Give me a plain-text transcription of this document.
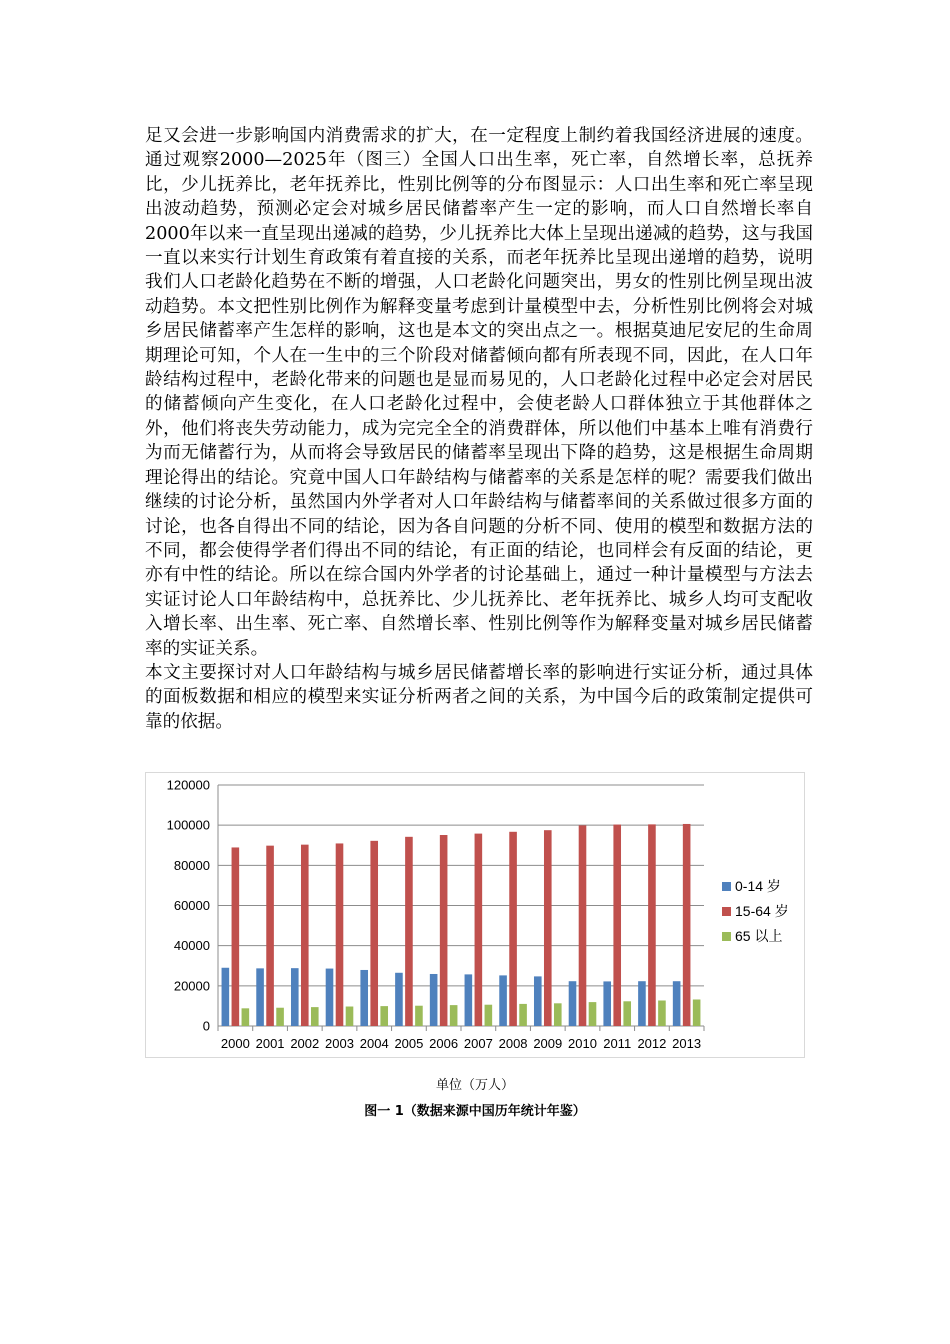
足又会进一步影响国内消费需求的扩大，在一定程度上制约着我国经济进展的速度。通过观察2000—2025年（图三）全国人口出生率，死亡率，自然增长率，总抚养比，少儿抚养比，老年抚养比，性别比例等的分布图显示：人口出生率和死亡率呈现出波动趋势，预测必定会对城乡居民储蓄率产生一定的影响，而人口自然增长率自2000年以来一直呈现出递减的趋势，少儿抚养比大体上呈现出递减的趋势，这与我国一直以来实行计划生育政策有着直接的关系，而老年抚养比呈现出递增的趋势，说明我们人口老龄化趋势在不断的增强，人口老龄化问题突出，男女的性别比例呈现出波动趋势。本文把性别比例作为解释变量考虑到计量模型中去，分析性别比例将会对城乡居民储蓄率产生怎样的影响，这也是本文的突出点之一。根据莫迪尼安尼的生命周期理论可知，个人在一生中的三个阶段对储蓄倾向都有所表现不同，因此，在人口年龄结构过程中，老龄化带来的问题也是显而易见的，人口老龄化过程中必定会对居民的储蓄倾向产生变化，在人口老龄化过程中，会使老龄人口群体独立于其他群体之外，他们将丧失劳动能力，成为完完全全的消费群体，所以他们中基本上唯有消费行为而无储蓄行为，从而将会导致居民的储蓄率呈现出下降的趋势，这是根据生命周期理论得出的结论。究竟中国人口年龄结构与储蓄率的关系是怎样的呢？需要我们做出继续的讨论分析，虽然国内外学者对人口年龄结构与储蓄率间的关系做过很多方面的讨论，也各自得出不同的结论，因为各自问题的分析不同、使用的模型和数据方法的不同，都会使得学者们得出不同的结论，有正面的结论，也同样会有反面的结论，更亦有中性的结论。所以在综合国内外学者的讨论基础上，通过一种计量模型与方法去实证讨论人口年龄结构中，总抚养比、少儿抚养比、老年抚养比、城乡人均可支配收入增长率、出生率、死亡率、自然增长率、性别比例等作为解释变量对城乡居民储蓄率的实证关系。

本文主要探讨对人口年龄结构与城乡居民储蓄增长率的影响进行实证分析，通过具体的面板数据和相应的模型来实证分析两者之间的关系，为中国今后的政策制定提供可靠的依据。

0
20000
40000
60000
80000
100000
120000
2000 2001 2002 2003 2004 2005 2006 2007 2008 2009 2010 2011 2012 2013
0-14 岁
15-64 岁
65 以上
单位（万人）
图一 1（数据来源中国历年统计年鉴）
